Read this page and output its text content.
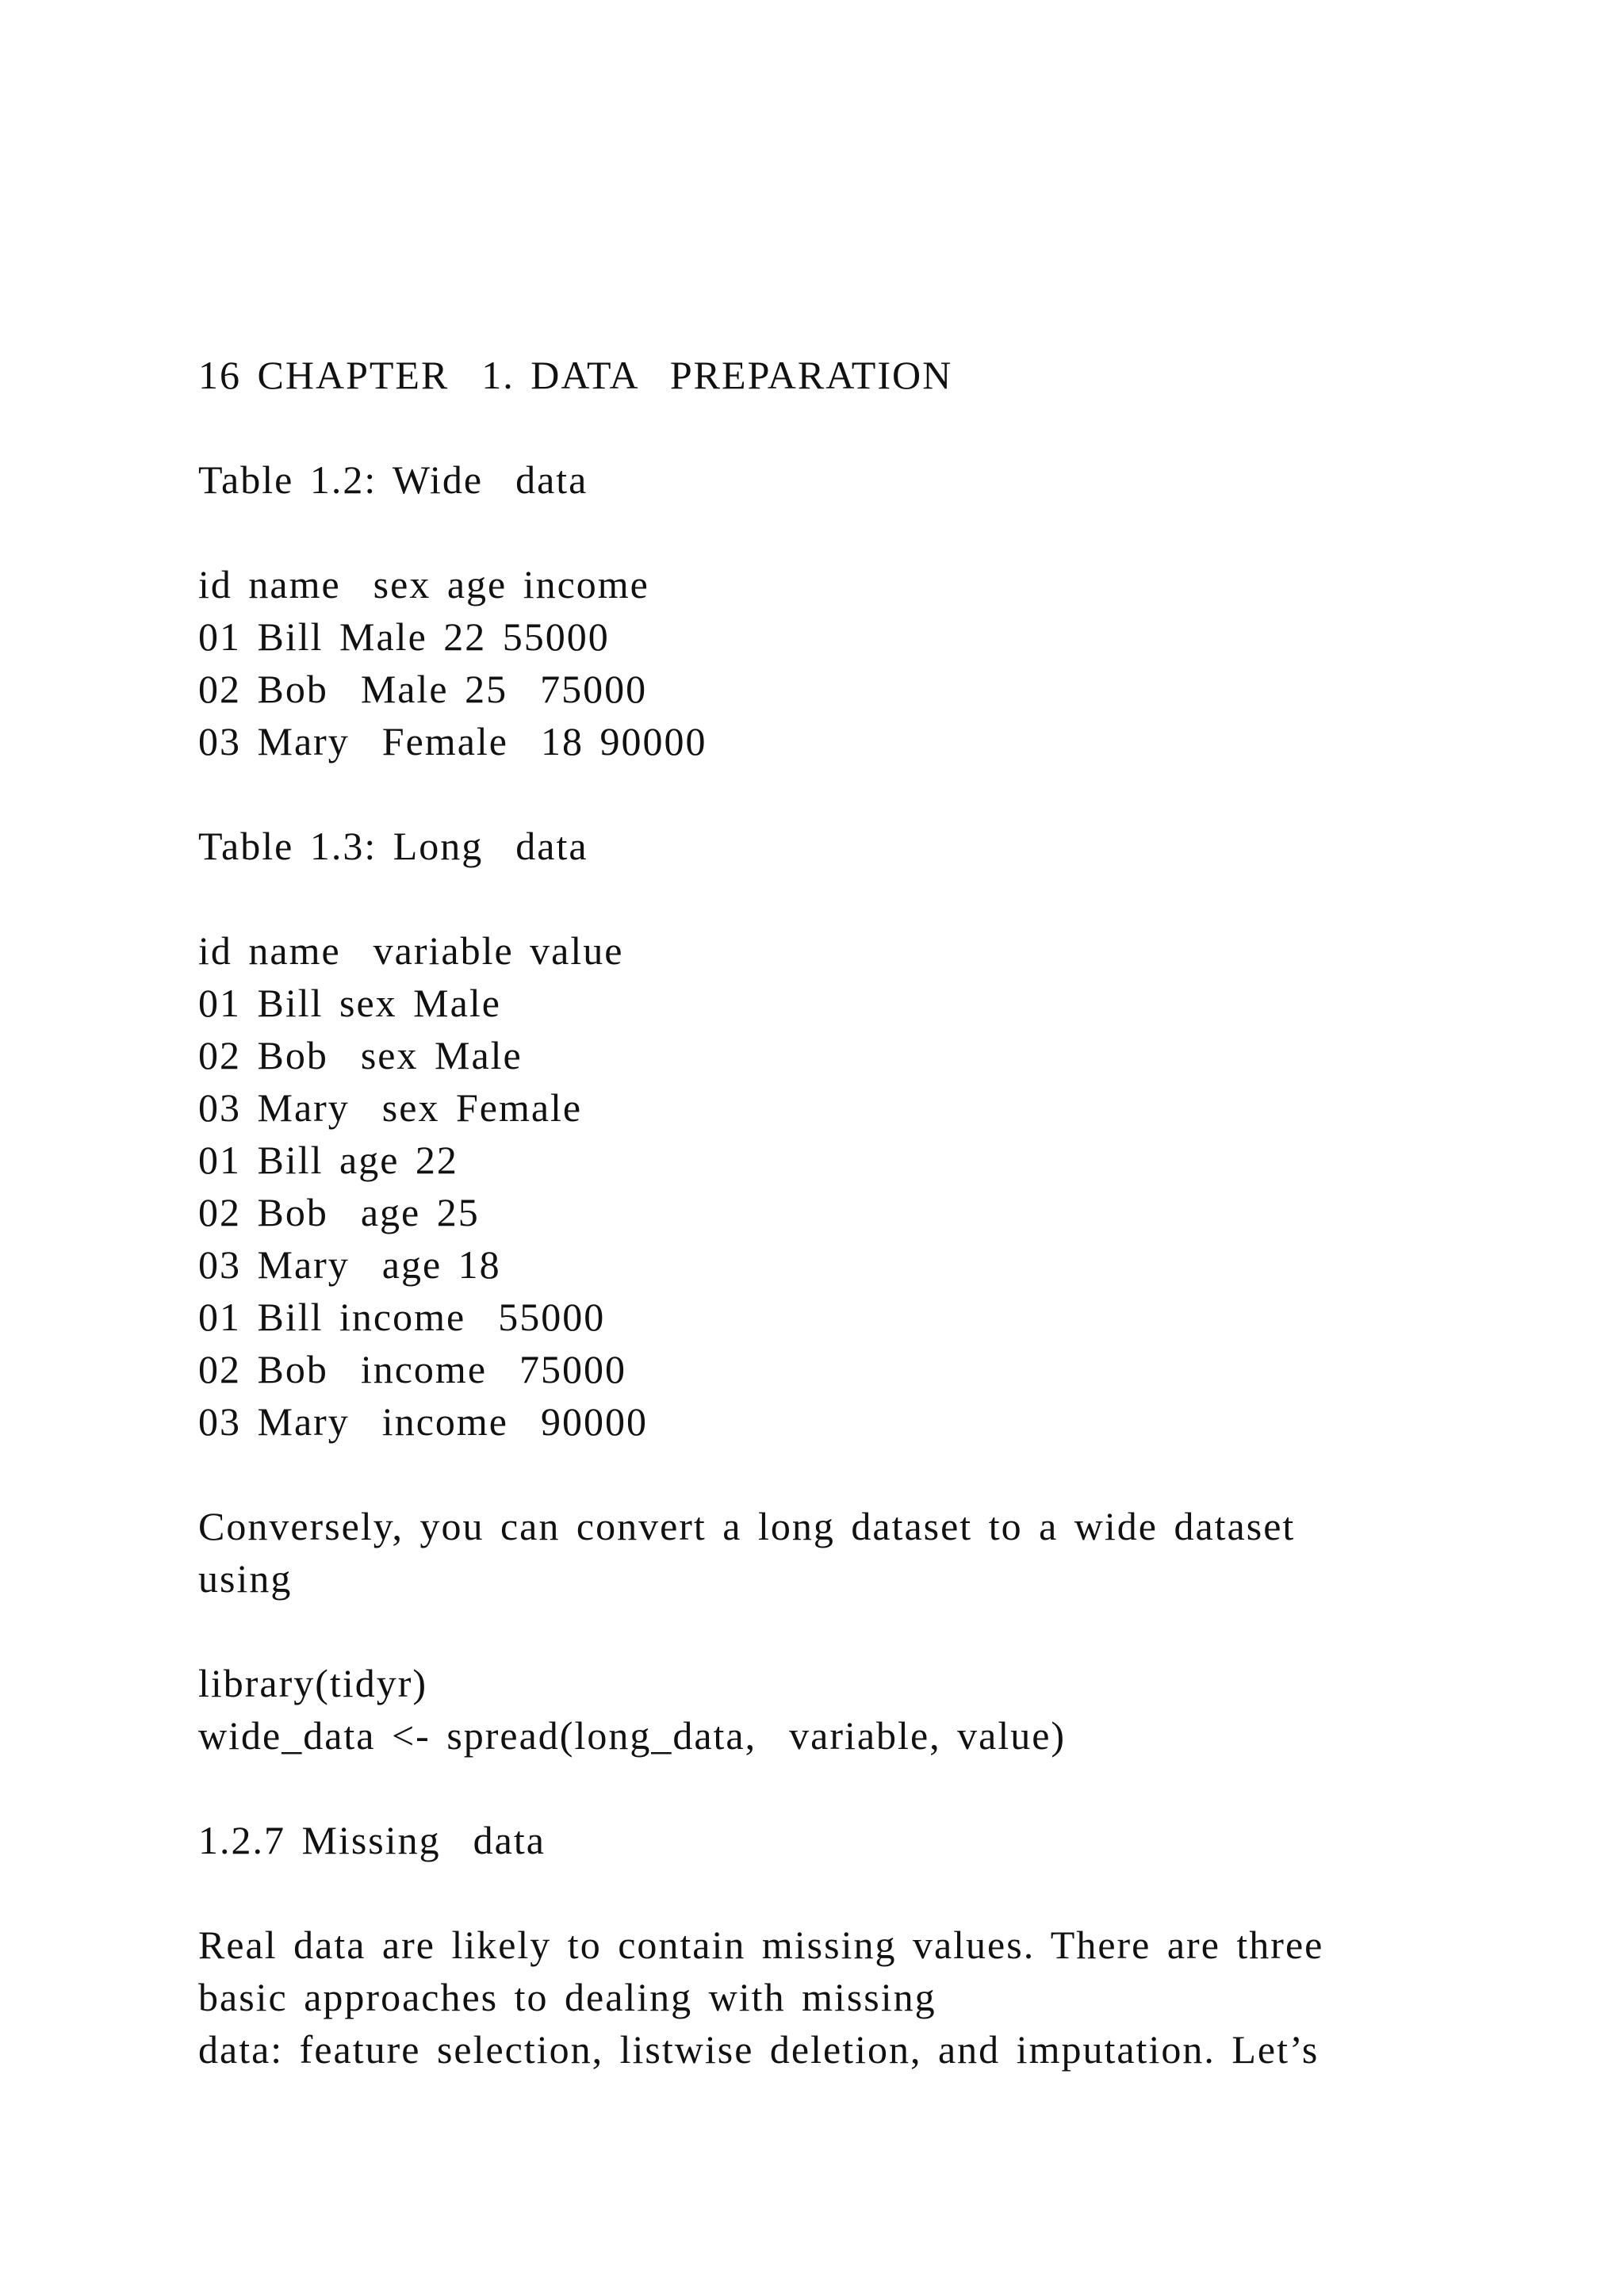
16 CHAPTER  1. DATA  PREPARATION
Table 1.2: Wide  data
id name  sex age income
01 Bill Male 22 55000
02 Bob  Male 25  75000
03 Mary  Female  18 90000
Table 1.3: Long  data
id name  variable value
01 Bill sex Male
02 Bob  sex Male
03 Mary  sex Female
01 Bill age 22
02 Bob  age 25
03 Mary  age 18
01 Bill income  55000
02 Bob  income  75000
03 Mary  income  90000
Conversely, you can convert a long dataset to a wide dataset
using
library(tidyr)
wide_data <- spread(long_data,  variable, value)
1.2.7 Missing  data
Real data are likely to contain missing values. There are three
basic approaches to dealing with missing
data: feature selection, listwise deletion, and imputation. Let’s
